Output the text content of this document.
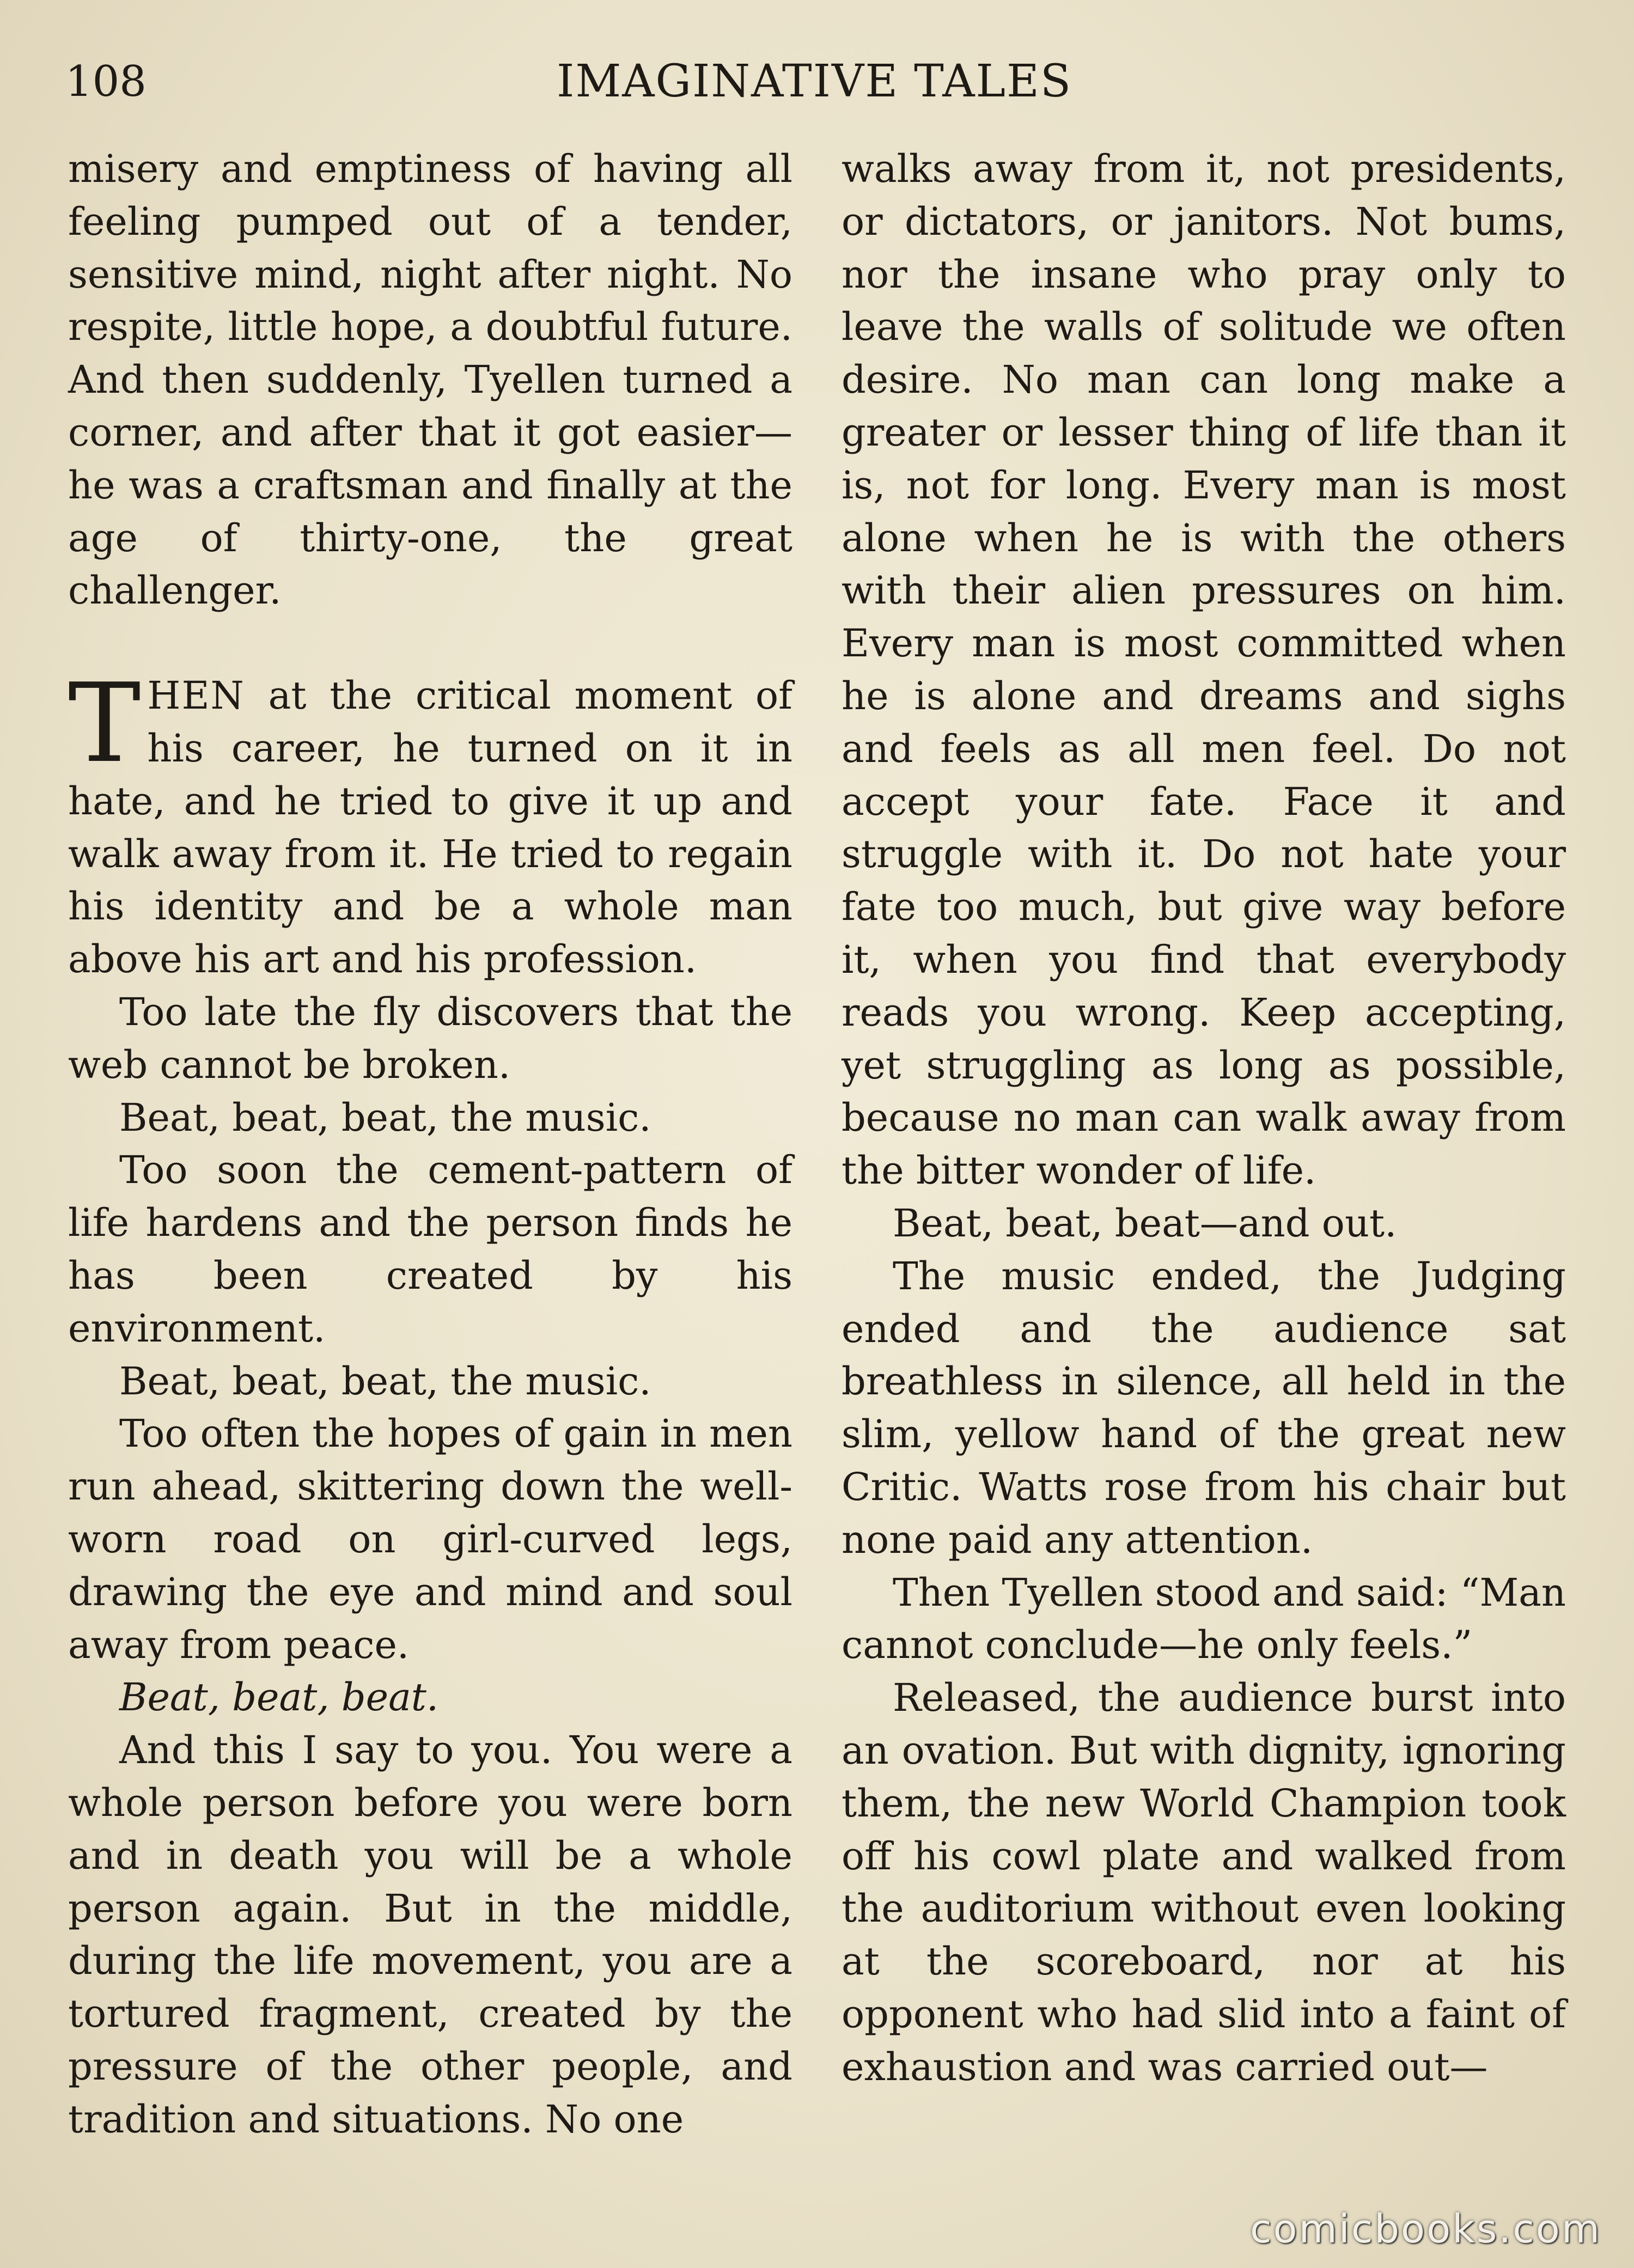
108	IMAGINATIVE TALES

misery and emptiness of having all feeling pumped out of a tender, sensitive mind, night after night. No respite, little hope, a doubtful future. And then suddenly, Tyellen turned a corner, and after that it got easier—he was a craftsman and finally at the age of thirty-one, the great challenger.

THEN at the critical moment of his career, he turned on it in hate, and he tried to give it up and walk away from it. He tried to regain his identity and be a whole man above his art and his profession.

Too late the fly discovers that the web cannot be broken.

Beat, beat, beat, the music.

Too soon the cement-pattern of life hardens and the person finds he has been created by his environment.

Beat, beat, beat, the music.

Too often the hopes of gain in men run ahead, skittering down the well-worn road on girl-curved legs, drawing the eye and mind and soul away from peace.

Beat, beat, beat.

And this I say to you. You were a whole person before you were born and in death you will be a whole person again. But in the middle, during the life movement, you are a tortured fragment, created by the pressure of the other people, and tradition and situations. No one

walks away from it, not presidents, or dictators, or janitors. Not bums, nor the insane who pray only to leave the walls of solitude we often desire. No man can long make a greater or lesser thing of life than it is, not for long. Every man is most alone when he is with the others with their alien pressures on him. Every man is most committed when he is alone and dreams and sighs and feels as all men feel. Do not accept your fate. Face it and struggle with it. Do not hate your fate too much, but give way before it, when you find that everybody reads you wrong. Keep accepting, yet struggling as long as possible, because no man can walk away from the bitter wonder of life.

Beat, beat, beat—and out.

The music ended, the Judging ended and the audience sat breathless in silence, all held in the slim, yellow hand of the great new Critic. Watts rose from his chair but none paid any attention.

Then Tyellen stood and said: “Man cannot conclude—he only feels.”

Released, the audience burst into an ovation. But with dignity, ignoring them, the new World Champion took off his cowl plate and walked from the auditorium without even looking at the scoreboard, nor at his opponent who had slid into a faint of exhaustion and was carried out—

comicbooks.com
